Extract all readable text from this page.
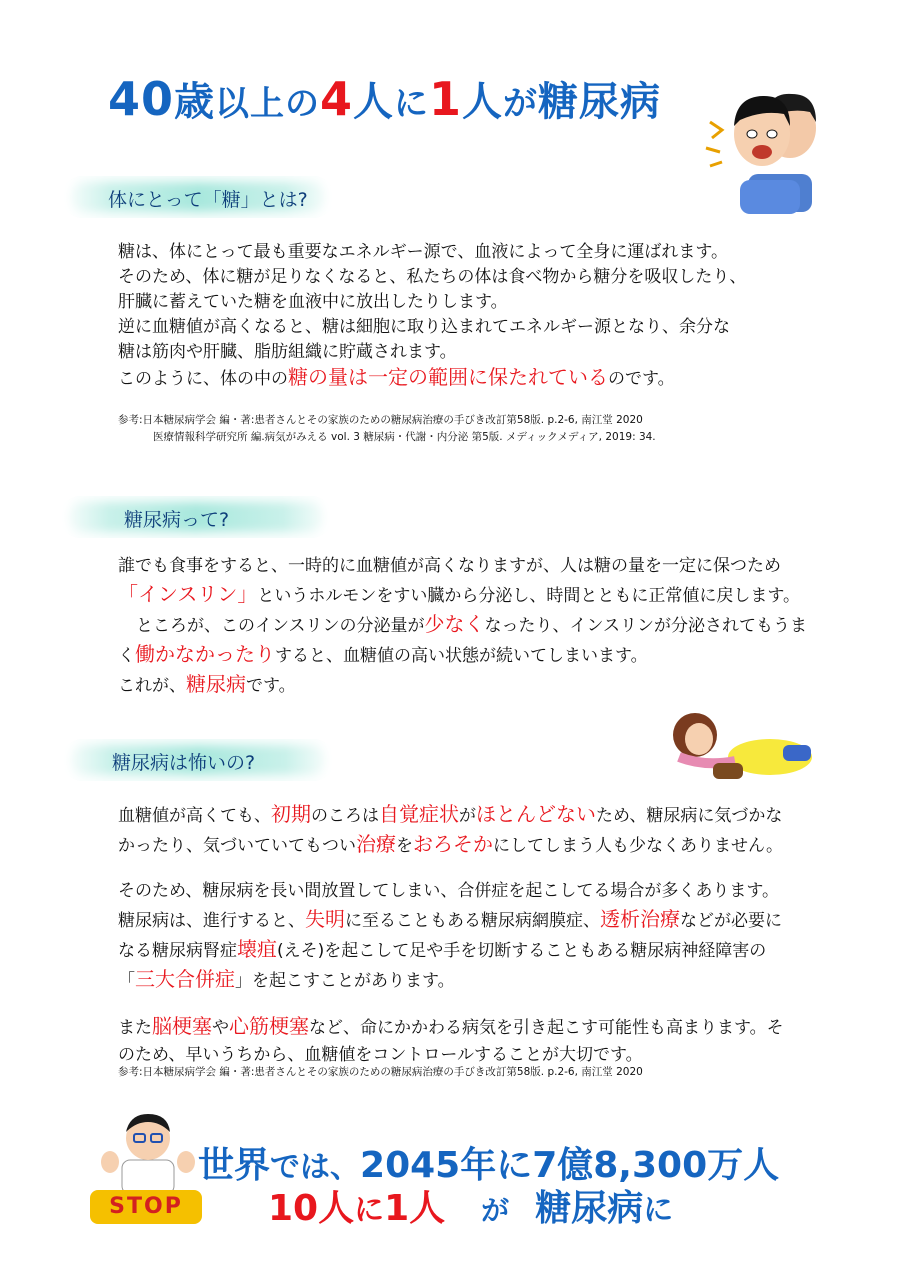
40歳以上の4人に1人が糖尿病
体にとって「糖」とは?
糖は、体にとって最も重要なエネルギー源で、血液によって全身に運ばれます。
そのため、体に糖が足りなくなると、私たちの体は食べ物から糖分を吸収したり、
肝臓に蓄えていた糖を血液中に放出したりします。
逆に血糖値が高くなると、糖は細胞に取り込まれてエネルギー源となり、余分な
糖は筋肉や肝臓、脂肪組織に貯蔵されます。
このように、体の中の糖の量は一定の範囲に保たれているのです。
参考:日本糖尿病学会 編・著:患者さんとその家族のための糖尿病治療の手びき改訂第58版. p.2-6, 南江堂 2020
医療情報科学研究所 編.病気がみえる vol. 3 糖尿病・代謝・内分泌 第5版. メディックメディア, 2019: 34.
糖尿病って?
誰でも食事をすると、一時的に血糖値が高くなりますが、人は糖の量を一定に保つため
「インスリン」というホルモンをすい臓から分泌し、時間とともに正常値に戻します。
ところが、このインスリンの分泌量が少なくなったり、インスリンが分泌されてもうま
く働かなかったりすると、血糖値の高い状態が続いてしまいます。
これが、糖尿病です。
糖尿病は怖いの?
血糖値が高くても、初期のころは自覚症状がほとんどないため、糖尿病に気づかな
かったり、気づいていてもつい治療をおろそかにしてしまう人も少なくありません。
そのため、糖尿病を長い間放置してしまい、合併症を起こしてる場合が多くあります。
糖尿病は、進行すると、失明に至ることもある糖尿病網膜症、透析治療などが必要に
なる糖尿病腎症壊疽(えそ)を起こして足や手を切断することもある糖尿病神経障害の
「三大合併症」を起こすことがあります。
また脳梗塞や心筋梗塞など、命にかかわる病気を引き起こす可能性も高まります。そ
のため、早いうちから、血糖値をコントロールすることが大切です。
参考:日本糖尿病学会 編・著:患者さんとその家族のための糖尿病治療の手びき改訂第58版. p.2-6, 南江堂 2020
STOP
世界では、2045年に7億8,300万人
10人に1人 が 糖尿病に
